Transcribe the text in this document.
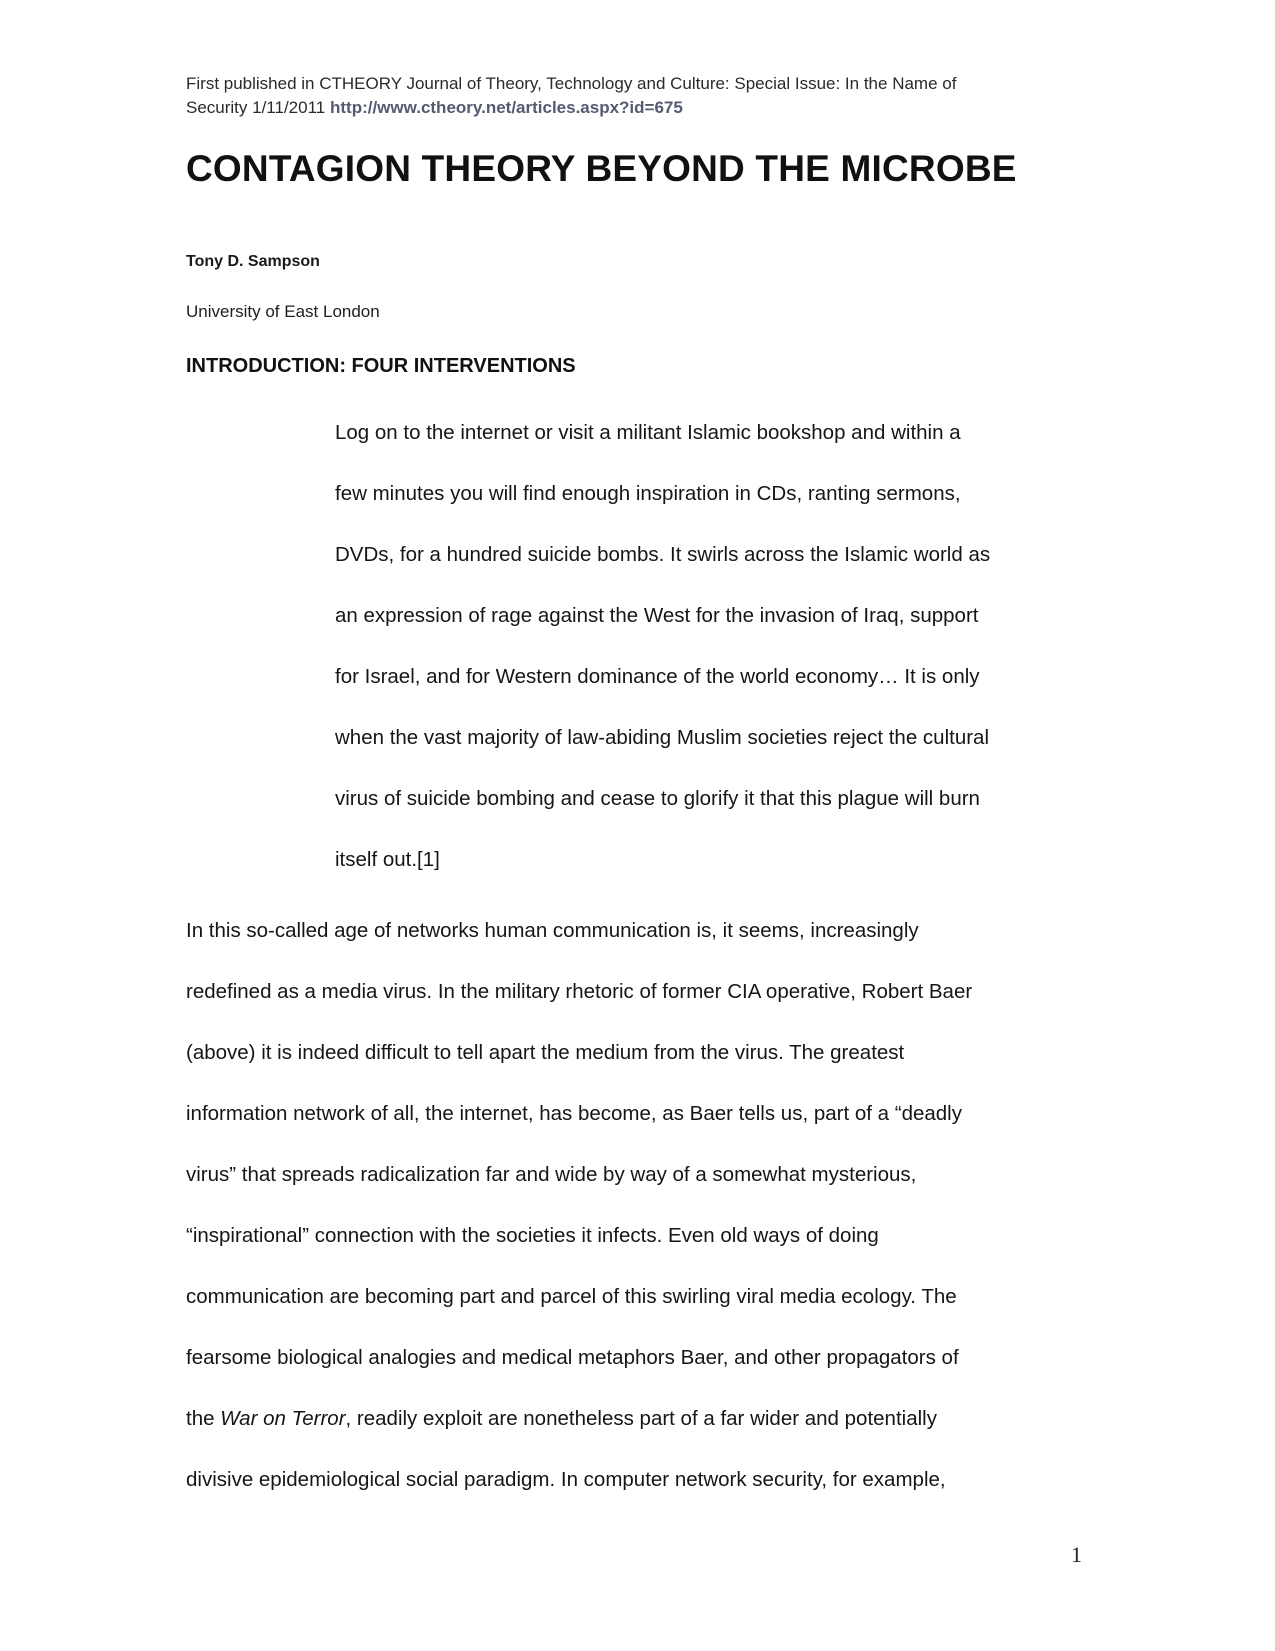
First published in CTHEORY Journal of Theory, Technology and Culture: Special Issue: In the Name of
Security 1/11/2011 http://www.ctheory.net/articles.aspx?id=675
CONTAGION THEORY BEYOND THE MICROBE
Tony D. Sampson
University of East London
INTRODUCTION: FOUR INTERVENTIONS
Log on to the internet or visit a militant Islamic bookshop and within a
few minutes you will find enough inspiration in CDs, ranting sermons,
DVDs, for a hundred suicide bombs. It swirls across the Islamic world as
an expression of rage against the West for the invasion of Iraq, support
for Israel, and for Western dominance of the world economy… It is only
when the vast majority of law-abiding Muslim societies reject the cultural
virus of suicide bombing and cease to glorify it that this plague will burn
itself out.[1]
In this so-called age of networks human communication is, it seems, increasingly
redefined as a media virus. In the military rhetoric of former CIA operative, Robert Baer
(above) it is indeed difficult to tell apart the medium from the virus. The greatest
information network of all, the internet, has become, as Baer tells us, part of a “deadly
virus” that spreads radicalization far and wide by way of a somewhat mysterious,
“inspirational” connection with the societies it infects. Even old ways of doing
communication are becoming part and parcel of this swirling viral media ecology. The
fearsome biological analogies and medical metaphors Baer, and other propagators of
the War on Terror, readily exploit are nonetheless part of a far wider and potentially
divisive epidemiological social paradigm. In computer network security, for example,
1
